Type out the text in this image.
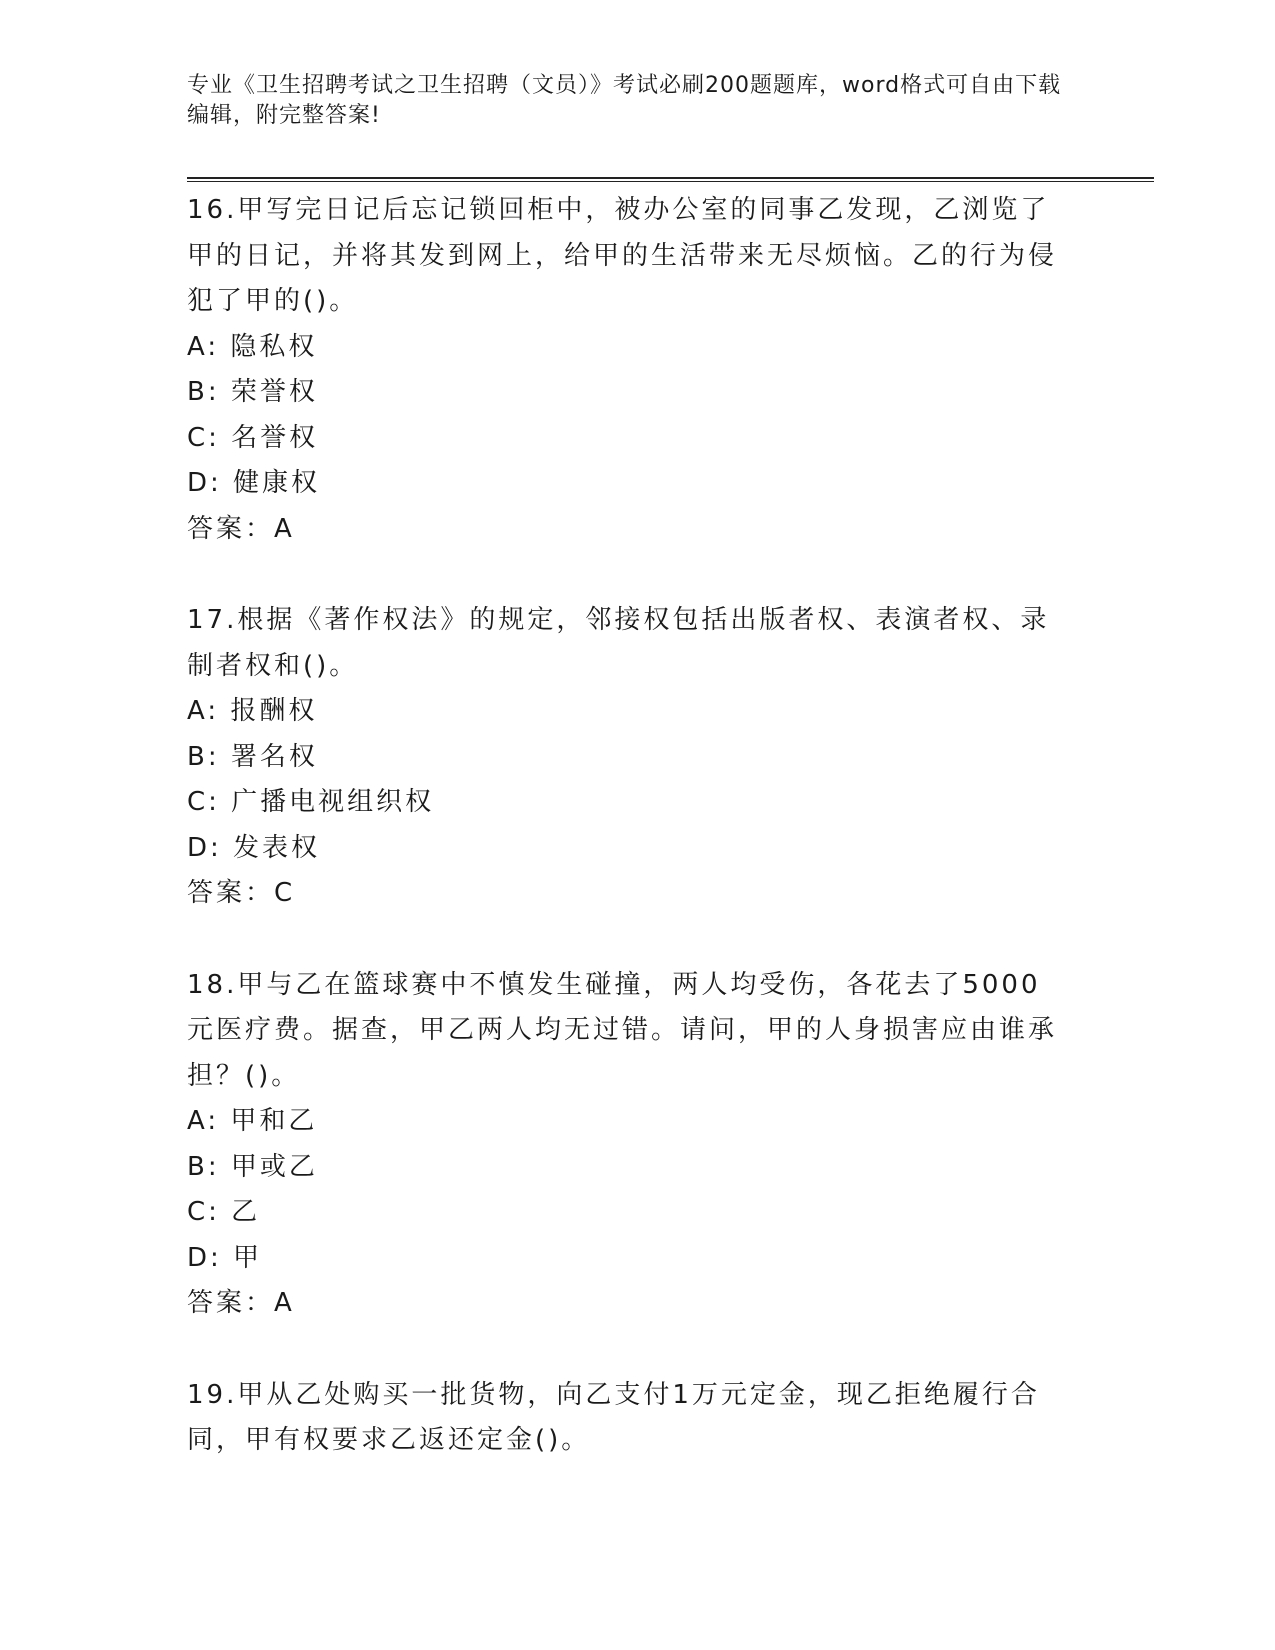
专业《卫生招聘考试之卫生招聘（文员）》考试必刷200题题库，word格式可自由下载编辑，附完整答案!

16.甲写完日记后忘记锁回柜中，被办公室的同事乙发现，乙浏览了甲的日记，并将其发到网上，给甲的生活带来无尽烦恼。乙的行为侵犯了甲的()。

A: 隐私权

B: 荣誉权

C: 名誉权

D: 健康权

答案：A

17.根据《著作权法》的规定，邻接权包括出版者权、表演者权、录制者权和()。

A: 报酬权

B: 署名权

C: 广播电视组织权

D: 发表权

答案：C

18.甲与乙在篮球赛中不慎发生碰撞，两人均受伤，各花去了5000元医疗费。据查，甲乙两人均无过错。请问，甲的人身损害应由谁承担？()。

A: 甲和乙

B: 甲或乙

C: 乙

D: 甲

答案：A

19.甲从乙处购买一批货物，向乙支付1万元定金，现乙拒绝履行合同，甲有权要求乙返还定金()。
